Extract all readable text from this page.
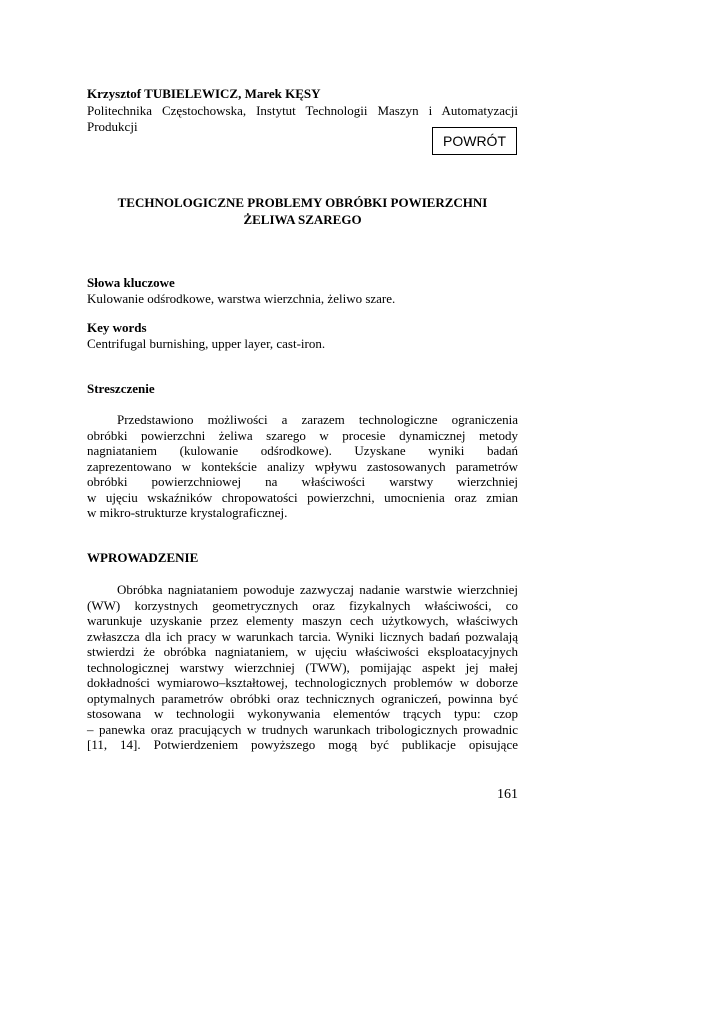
Krzysztof TUBIELEWICZ, Marek KĘSY
Politechnika Częstochowska, Instytut Technologii Maszyn i Automatyzacji Produkcji
POWRÓT
TECHNOLOGICZNE PROBLEMY OBRÓBKI POWIERZCHNI
ŻELIWA SZAREGO
Słowa kluczowe
Kulowanie odśrodkowe, warstwa wierzchnia, żeliwo szare.
Key words
Centrifugal burnishing, upper layer, cast-iron.
Streszczenie
Przedstawiono możliwości a zarazem technologiczne ograniczenia
obróbki powierzchni żeliwa szarego w procesie dynamicznej metody
nagniataniem (kulowanie odśrodkowe). Uzyskane wyniki badań
zaprezentowano w kontekście analizy wpływu zastosowanych parametrów
obróbki powierzchniowej na właściwości warstwy wierzchniej
w ujęciu wskaźników chropowatości powierzchni, umocnienia oraz zmian
w mikro-strukturze krystalograficznej.
WPROWADZENIE
Obróbka nagniataniem powoduje zazwyczaj nadanie warstwie wierzchniej
(WW) korzystnych geometrycznych oraz fizykalnych właściwości, co
warunkuje uzyskanie przez elementy maszyn cech użytkowych, właściwych
zwłaszcza dla ich pracy w warunkach tarcia. Wyniki licznych badań pozwalają
stwierdzi że obróbka nagniataniem, w ujęciu właściwości eksploatacyjnych
technologicznej warstwy wierzchniej (TWW), pomijając aspekt jej małej
dokładności wymiarowo–kształtowej, technologicznych problemów w doborze
optymalnych parametrów obróbki oraz technicznych ograniczeń, powinna być
stosowana w technologii wykonywania elementów trących typu: czop
– panewka oraz pracujących w trudnych warunkach tribologicznych prowadnic
[11, 14]. Potwierdzeniem powyższego mogą być publikacje opisujące
161
